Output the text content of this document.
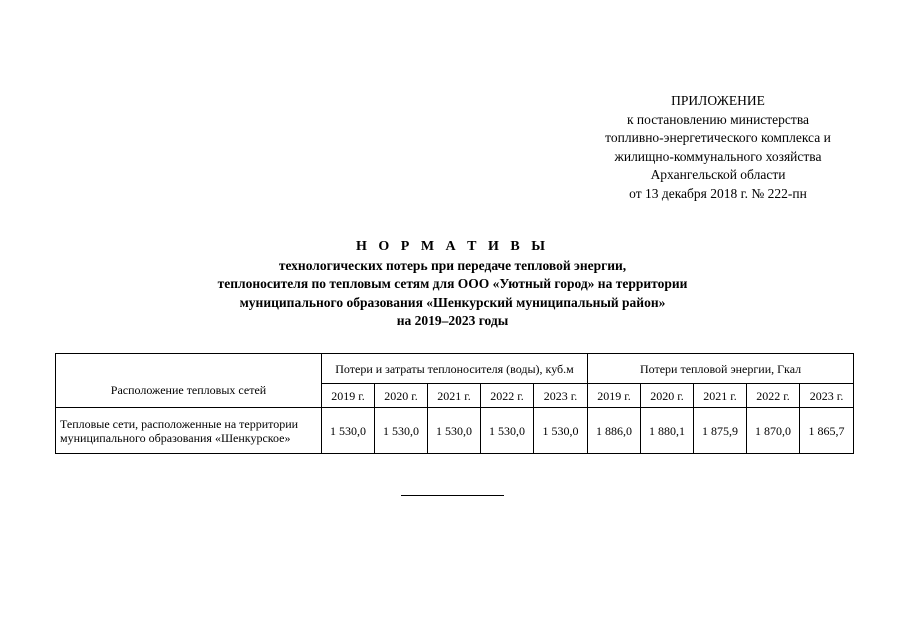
ПРИЛОЖЕНИЕ
к постановлению министерства
топливно-энергетического комплекса и
жилищно-коммунального хозяйства
Архангельской области
от 13 декабря 2018 г. № 222-пн
Н О Р М А Т И В Ы
технологических потерь при передаче тепловой энергии,
теплоносителя по тепловым сетям для ООО «Уютный город» на территории
муниципального образования «Шенкурский муниципальный район»
на 2019–2023 годы
Расположение тепловых сетей	Потери и затраты теплоносителя (воды), куб.м					Потери тепловой энергии, Гкал				
	2019 г.	2020 г.	2021 г.	2022 г.	2023 г.	2019 г.	2020 г.	2021 г.	2022 г.	2023 г.
Тепловые сети, расположенные на территории муниципального образования «Шенкурское»	1 530,0	1 530,0	1 530,0	1 530,0	1 530,0	1 886,0	1 880,1	1 875,9	1 870,0	1 865,7
